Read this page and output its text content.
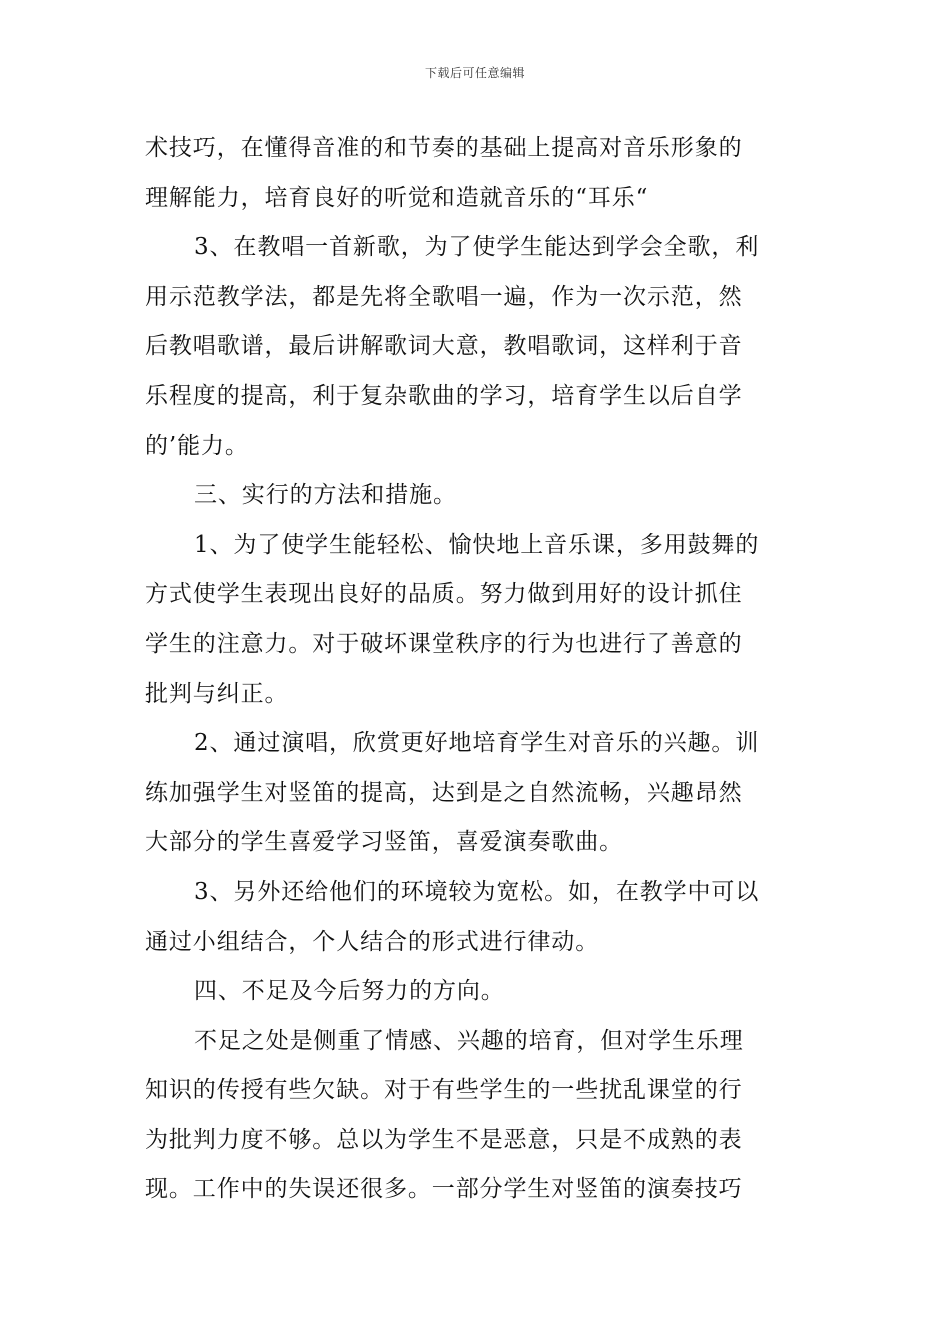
下载后可任意编辑
术技巧，在懂得音准的和节奏的基础上提高对音乐形象的
理解能力，培育良好的听觉和造就音乐的“耳乐“
3、在教唱一首新歌，为了使学生能达到学会全歌，利
用示范教学法，都是先将全歌唱一遍，作为一次示范，然
后教唱歌谱，最后讲解歌词大意，教唱歌词，这样利于音
乐程度的提高，利于复杂歌曲的学习，培育学生以后自学
的’能力。
三、实行的方法和措施。
1、为了使学生能轻松、愉快地上音乐课，多用鼓舞的
方式使学生表现出良好的品质。努力做到用好的设计抓住
学生的注意力。对于破坏课堂秩序的行为也进行了善意的
批判与纠正。
2、通过演唱，欣赏更好地培育学生对音乐的兴趣。训
练加强学生对竖笛的提高，达到是之自然流畅，兴趣昂然
大部分的学生喜爱学习竖笛，喜爱演奏歌曲。
3、另外还给他们的环境较为宽松。如，在教学中可以
通过小组结合，个人结合的形式进行律动。
四、不足及今后努力的方向。
不足之处是侧重了情感、兴趣的培育，但对学生乐理
知识的传授有些欠缺。对于有些学生的一些扰乱课堂的行
为批判力度不够。总以为学生不是恶意，只是不成熟的表
现。工作中的失误还很多。一部分学生对竖笛的演奏技巧
